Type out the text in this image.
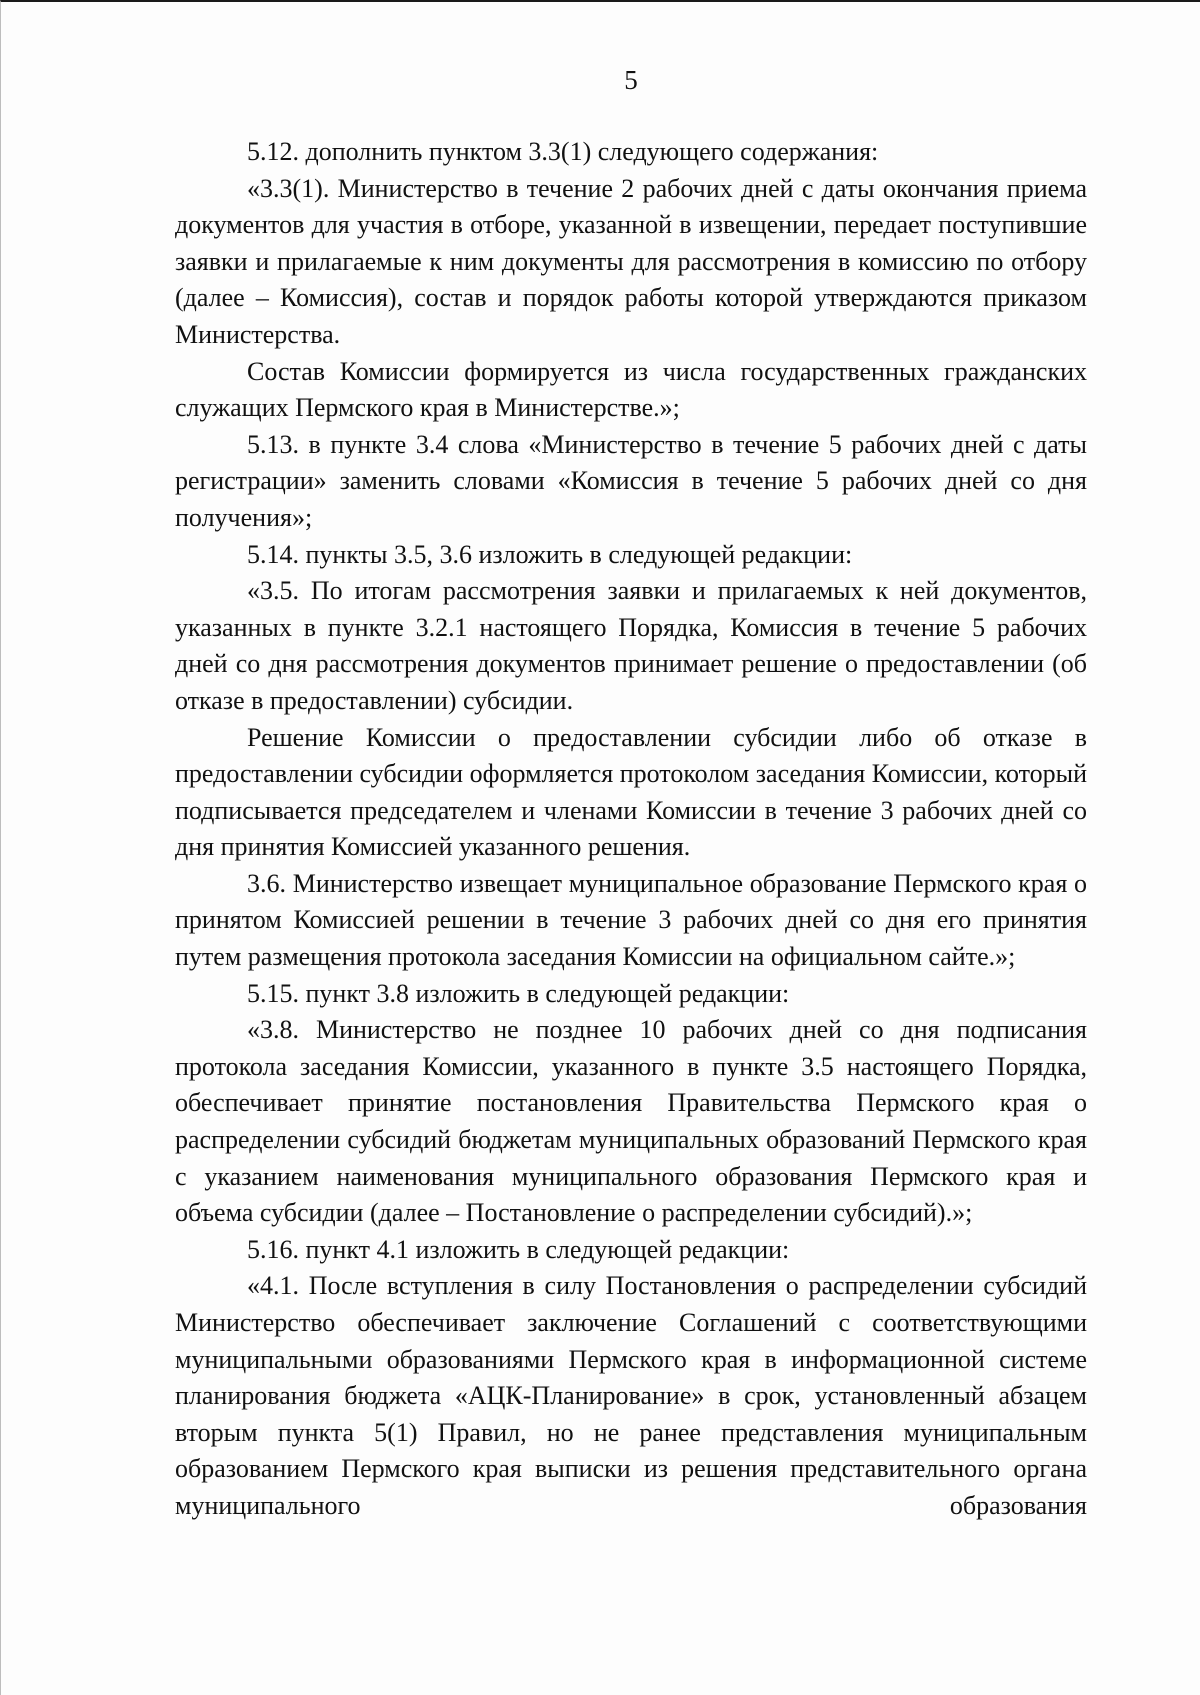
5

5.12. дополнить пунктом 3.3(1) следующего содержания:

«3.3(1). Министерство в течение 2 рабочих дней с даты окончания приема документов для участия в отборе, указанной в извещении, передает поступившие заявки и прилагаемые к ним документы для рассмотрения в комиссию по отбору (далее – Комиссия), состав и порядок работы которой утверждаются приказом Министерства.

Состав Комиссии формируется из числа государственных гражданских служащих Пермского края в Министерстве.»;

5.13. в пункте 3.4 слова «Министерство в течение 5 рабочих дней с даты регистрации» заменить словами «Комиссия в течение 5 рабочих дней со дня получения»;

5.14. пункты 3.5, 3.6 изложить в следующей редакции:

«3.5. По итогам рассмотрения заявки и прилагаемых к ней документов, указанных в пункте 3.2.1 настоящего Порядка, Комиссия в течение 5 рабочих дней со дня рассмотрения документов принимает решение о предоставлении (об отказе в предоставлении) субсидии.

Решение Комиссии о предоставлении субсидии либо об отказе в предоставлении субсидии оформляется протоколом заседания Комиссии, который подписывается председателем и членами Комиссии в течение 3 рабочих дней со дня принятия Комиссией указанного решения.

3.6. Министерство извещает муниципальное образование Пермского края о принятом Комиссией решении в течение 3 рабочих дней со дня его принятия путем размещения протокола заседания Комиссии на официальном сайте.»;

5.15. пункт 3.8 изложить в следующей редакции:

«3.8. Министерство не позднее 10 рабочих дней со дня подписания протокола заседания Комиссии, указанного в пункте 3.5 настоящего Порядка, обеспечивает принятие постановления Правительства Пермского края о распределении субсидий бюджетам муниципальных образований Пермского края с указанием наименования муниципального образования Пермского края и объема субсидии (далее – Постановление о распределении субсидий).»;

5.16. пункт 4.1 изложить в следующей редакции:

«4.1. После вступления в силу Постановления о распределении субсидий Министерство обеспечивает заключение Соглашений с соответствующими муниципальными образованиями Пермского края в информационной системе планирования бюджета «АЦК-Планирование» в срок, установленный абзацем вторым пункта 5(1) Правил, но не ранее представления муниципальным образованием Пермского края выписки из решения представительного органа муниципального образования
